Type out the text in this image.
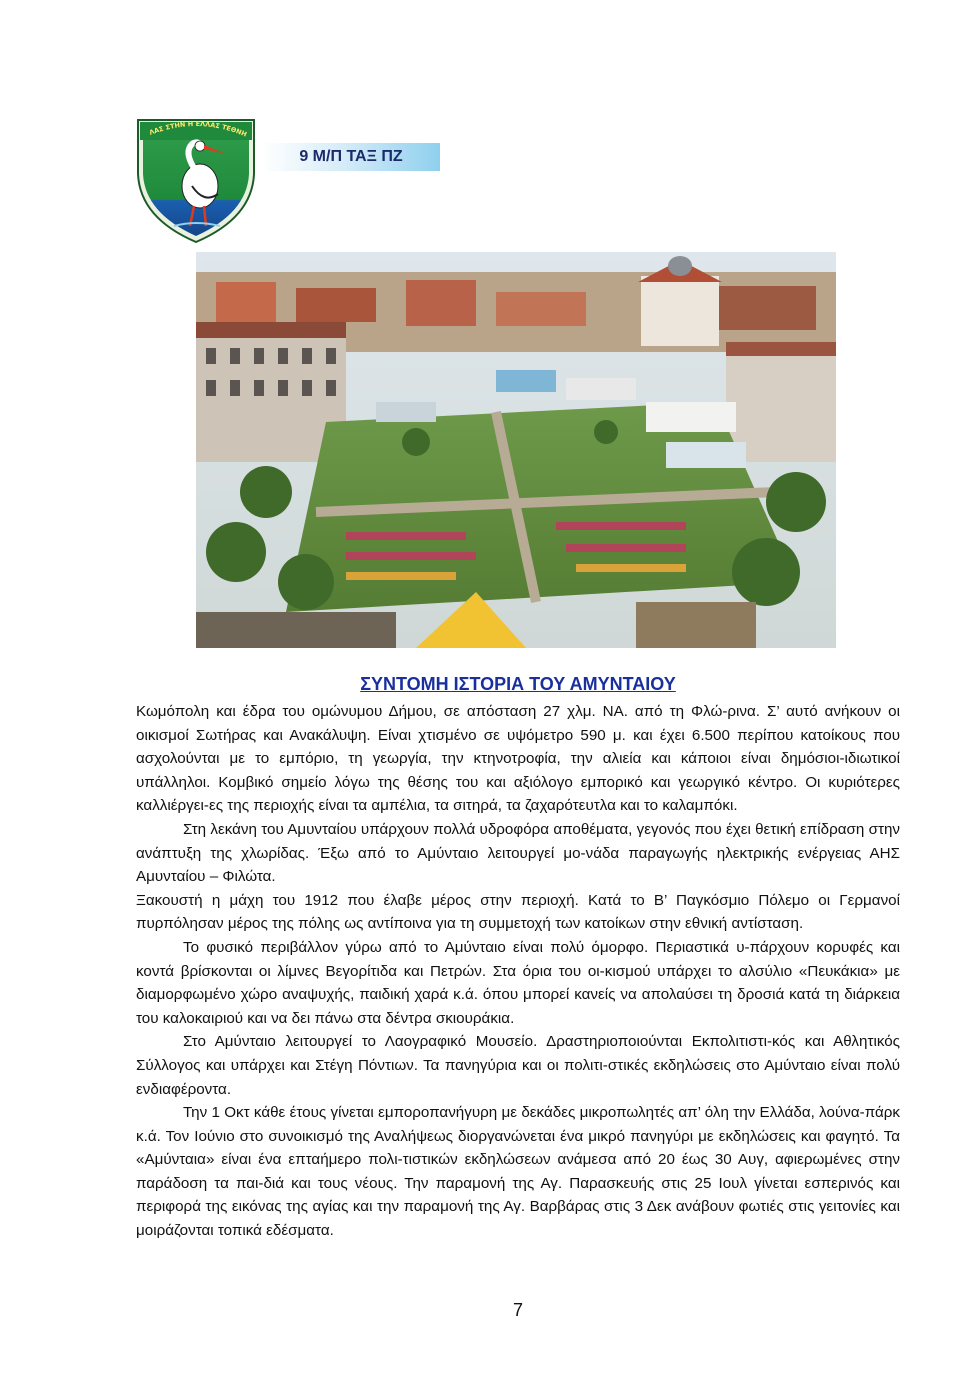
ΛΑΣ ΣΤΗΝ Η ΕΛΛΑΣ ΤΕΘΝΗ
9 Μ/Π ΤΑΞ ΠΖ
ΣΥΝΤΟΜΗ ΙΣΤΟΡΙΑ ΤΟΥ ΑΜΥΝΤΑΙΟΥ

Κωμόπολη και έδρα του ομώνυμου Δήμου, σε απόσταση 27 χλμ. ΝΑ. από τη Φλώ-ρινα. Σ’ αυτό ανήκουν οι οικισμοί Σωτήρας και Ανακάλυψη. Είναι χτισμένο σε υψόμετρο 590 μ. και έχει 6.500 περίπου κατοίκους που ασχολούνται με το εμπόριο, τη γεωργία, την κτηνοτροφία, την αλιεία και κάποιοι είναι δημόσιοι-ιδιωτικοί υπάλληλοι. Κομβικό σημείο λόγω της θέσης του και αξιόλογο εμπορικό και γεωργικό κέντρο. Οι κυριότερες καλλιέργει-ες της περιοχής είναι τα αμπέλια, τα σιτηρά, τα ζαχαρότευτλα και το καλαμπόκι.

Στη λεκάνη του Αμυνταίου υπάρχουν πολλά υδροφόρα αποθέματα, γεγονός που έχει θετική επίδραση στην ανάπτυξη της χλωρίδας. Έξω από το Αμύνταιο λειτουργεί μο-νάδα παραγωγής ηλεκτρικής ενέργειας ΑΗΣ Αμυνταίου – Φιλώτα.

Ξακουστή η μάχη του 1912 που έλαβε μέρος στην περιοχή. Κατά το Β’ Παγκόσμιο Πόλεμο οι Γερμανοί πυρπόλησαν μέρος της πόλης ως αντίποινα για τη συμμετοχή των κατοίκων στην εθνική αντίσταση.

Το φυσικό περιβάλλον γύρω από το Αμύνταιο είναι πολύ όμορφο. Περιαστικά υ-πάρχουν κορυφές και κοντά βρίσκονται οι λίμνες Βεγορίτιδα και Πετρών. Στα όρια του οι-κισμού υπάρχει το αλσύλιο «Πευκάκια» με διαμορφωμένο χώρο αναψυχής, παιδική χαρά κ.ά. όπου μπορεί κανείς να απολαύσει τη δροσιά κατά τη διάρκεια του καλοκαιριού και να δει πάνω στα δέντρα σκιουράκια.

Στο Αμύνταιο λειτουργεί το Λαογραφικό Μουσείο. Δραστηριοποιούνται Εκπολιτιστι-κός και Αθλητικός Σύλλογος και υπάρχει και Στέγη Πόντιων. Τα πανηγύρια και οι πολιτι-στικές εκδηλώσεις στο Αμύνταιο είναι πολύ ενδιαφέροντα.

Την 1 Οκτ κάθε έτους γίνεται εμποροπανήγυρη με δεκάδες μικροπωλητές απ’ όλη την Ελλάδα, λούνα-πάρκ κ.ά. Τον Ιούνιο στο συνοικισμό της Αναλήψεως διοργανώνεται ένα μικρό πανηγύρι με εκδηλώσεις και φαγητό. Τα «Αμύνταια» είναι ένα επταήμερο πολι-τιστικών εκδηλώσεων ανάμεσα από 20 έως 30 Αυγ, αφιερωμένες στην παράδοση τα παι-διά και τους νέους. Την παραμονή της Αγ. Παρασκευής στις 25 Ιουλ γίνεται εσπερινός και περιφορά της εικόνας της αγίας και την παραμονή της Αγ. Βαρβάρας στις 3 Δεκ ανάβουν φωτιές στις γειτονίες και μοιράζονται τοπικά εδέσματα.

7
